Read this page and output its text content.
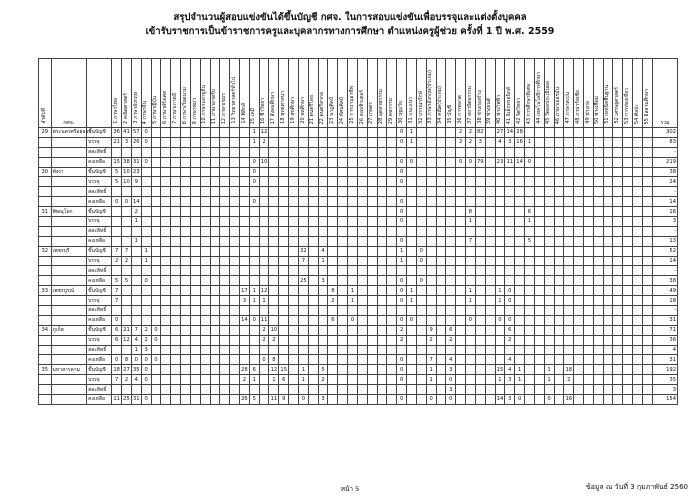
สรุปจำนวนผู้สอบแข่งขันได้ขึ้นบัญชี กศจ. ในการสอบแข่งขันเพื่อบรรจุและแต่งตั้งบุคคล
เข้ารับราชการเป็นข้าราชการครูและบุคลากรทางการศึกษา ตำแหน่งครูผู้ช่วย ครั้งที่ 1 ปี พ.ศ. 2559
ลำดับที่	กศจ.		1 ภาษาไทย	2 คณิตศาสตร์	3 ภาษาอังกฤษ	4 ภาษาจีน	5 ภาษาญี่ปุ่น	6 ภาษาฝรั่งเศส	7 ภาษาเกาหลี	8 ภาษาเวียดนาม	9 ภาษาพม่า	10 ภาษามลายูถิ่น	11 ภาษาอาหรับ	12 ภาษาเขมร	13 วิทยาศาสตร์ทั่วไป	14 ฟิสิกส์	15 เคมี	16 ชีววิทยา	17 สังคมศึกษา	18 พุทธศาสนา	19 สุขศึกษา	20 พลศึกษา	21 ดนตรีไทย	22 ดนตรีสากล	23 นาฏศิลป์	24 ทัศนศิลป์	25 การงานอาชีพ	26 คอมพิวเตอร์	27 เกษตร	28 อุตสาหกรรม	29 คหกรรม	30 ปฐมวัย	31 แนะแนว	32 บรรณารักษ์	33 ภาษาอังกฤษ(ประถม)	34 คณิต(ประถม)	35 บัญชี	36 การตลาด	37 สถาปัตยกรรม	38 ช่างก่อสร้าง	39 ช่างยนต์	40 ช่างไฟฟ้า	41 อิเล็กทรอนิกส์	42 จิตวิทยา	43 การศึกษาพิเศษ	44 เทคโนโลยีการศึกษา	45 วัดผลประเมินผล	46 ภาษาเยอรมัน	47 ภาษาสเปน	48 ภาษารัสเซีย	49 ช่างกล	50 ช่างเชื่อม	51 เทคนิคพื้นฐาน	52 เศรษฐศาสตร์	53 การท่องเที่ยว	54 ศิลปะ	55 อิสลามศึกษา	รวม
29	พระนครศรีอยุธยา	ขึ้นบัญชี	36	41	57	0											1	12														0	1					2	2	82		27	14	28														302
		บรรจุ	21	3	26	0											1	2														0	1					2	2	3		4	3	16	1													83
		สละสิทธิ์																																																								-
		คงเหลือ	15	38	31	0											0	10														0	0					0	0	79		23	11	14	0													219
30	พังงา	ขึ้นบัญชี	5	10	23												0															0																										38
		บรรจุ	5	10	9												0															0																										24
		สละสิทธิ์																																																								-
		คงเหลือ	0	0	14												0															0																										14
31	พิษณุโลก	ขึ้นบัญชี			2																											0							8						6													16
		บรรจุ			1																											0							1						1													3
		สละสิทธิ์																																																								-
		คงเหลือ			1																											0							7						5													13
32	เพชรบุรี	ขึ้นบัญชี	7	7		1																32		4								1		0																								52
		บรรจุ	2	2		1																7		1								1		0																								14
		สละสิทธิ์																																																								-
		คงเหลือ	5	5		0																25		3								0		0																								38
33	เพชรบูรณ์	ขึ้นบัญชี	7													17	1	12							8		1					0	1						1			1	0															49
		บรรจุ	7													3	1	1							2		1					0	1						1			1	0															18
		สละสิทธิ์																																																								-
		คงเหลือ	0													14	0	11							6		0					0	0						0			0	0															31
34	ภูเก็ต	ขึ้นบัญชี	6	21	7	2	0											2	10													2			9		6						6															71
		บรรจุ	6	12	4	2	0											2	2													2			2		2						2															36
		สละสิทธิ์			1	3																																																				4
		คงเหลือ	0	8	0	0	0											0	8													0			7		4						4															31
35	มหาสารคาม	ขึ้นบัญชี	18	27	35	0										28	6		12	15		1		5								0			1		3					15	4	1			1		18									192
		บรรจุ	7	2	4	0										2	1		1	6		1		2								0			1		0					1	3	1			1		2									35
		สละสิทธิ์																																			3																					3
		คงเหลือ	11	25	31	0										26	5		11	9		0		3								0			0		0					14	3	0			0		16									154
หน้า 5	ข้อมูล ณ วันที่ 3 กุมภาพันธ์ 2560
